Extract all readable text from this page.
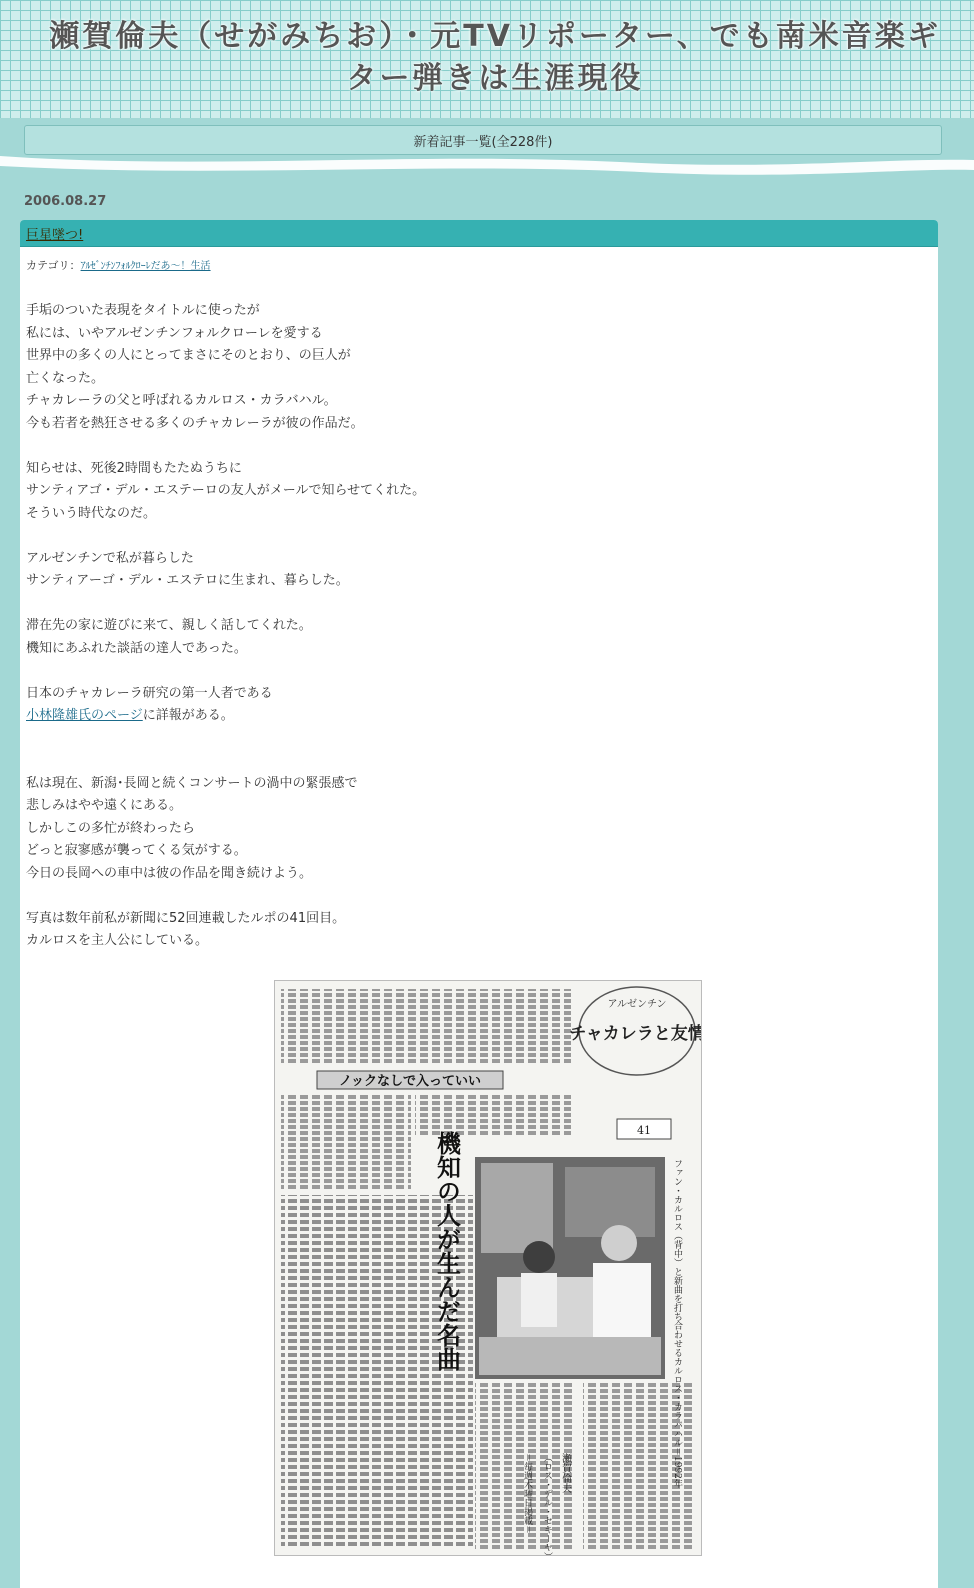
瀬賀倫夫（せがみちお）・元TVリポーター、でも南米音楽ギター弾きは生涯現役
新着記事一覧(全228件)
2006.08.27
巨星墜つ!
カテゴリ：ｱﾙｾﾞﾝﾁﾝﾌｫﾙｸﾛｰﾚだあ～！生活
手垢のついた表現をタイトルに使ったが
私には、いやアルゼンチンフォルクローレを愛する
世界中の多くの人にとってまさにそのとおり、の巨人が
亡くなった。
チャカレーラの父と呼ばれるカルロス・カラバハル。
今も若者を熱狂させる多くのチャカレーラが彼の作品だ。
知らせは、死後2時間もたたぬうちに
サンティアゴ・デル・エステーロの友人がメールで知らせてくれた。
そういう時代なのだ。
アルゼンチンで私が暮らした
サンティアーゴ・デル・エステロに生まれ、暮らした。
滞在先の家に遊びに来て、親しく話してくれた。
機知にあふれた談話の達人であった。
日本のチャカレーラ研究の第一人者である
小林隆雄氏のページに詳報がある。
私は現在、新潟･長岡と続くコンサートの渦中の緊張感で
悲しみはやや遠くにある。
しかしこの多忙が終わったら
どっと寂寥感が襲ってくる気がする。
今日の長岡への車中は彼の作品を聞き続けよう。
写真は数年前私が新聞に52回連載したルポの41回目。
カルロスを主人公にしている。
ノックなしで入っていい
アルゼンチン
チャカレラと友情
41
機知の人が生んだ名曲	ファン・カルロス（背中）と新曲を打ち合わせるカルロス・カラバハル＝1992年
瀬賀倫夫
（ロス・デル・セキーヤ）
＝毎週木曜日掲載＝
